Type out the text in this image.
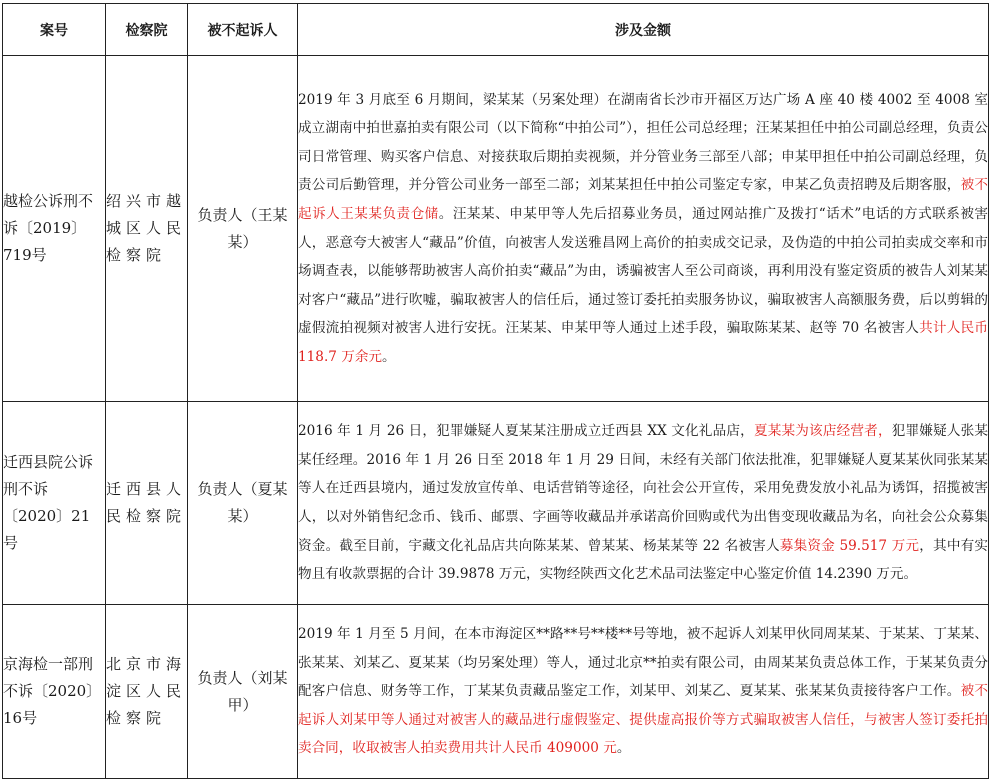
案号	检察院	被不起诉人	涉及金额
越检公诉刑不诉〔2019〕719号	绍兴市越城区人民检察院	负责人（王某某）	2019 年 3 月底至 6 月期间，梁某某（另案处理）在湖南省长沙市开福区万达广场 A 座 40 楼 4002 至 4008 室成立湖南中拍世嘉拍卖有限公司（以下简称“中拍公司”），担任公司总经理；汪某某担任中拍公司副总经理，负责公司日常管理、购买客户信息、对接获取后期拍卖视频，并分管业务三部至八部；申某甲担任中拍公司副总经理，负责公司后勤管理，并分管公司业务一部至二部；刘某某担任中拍公司鉴定专家，申某乙负责招聘及后期客服，被不起诉人王某某负责仓储。汪某某、申某甲等人先后招募业务员，通过网站推广及拨打“话术”电话的方式联系被害人，恶意夸大被害人“藏品”价值，向被害人发送雅昌网上高价的拍卖成交记录，及伪造的中拍公司拍卖成交率和市场调查表，以能够帮助被害人高价拍卖“藏品”为由，诱骗被害人至公司商谈，再利用没有鉴定资质的被告人刘某某对客户“藏品”进行吹嘘，骗取被害人的信任后，通过签订委托拍卖服务协议，骗取被害人高额服务费，后以剪辑的虚假流拍视频对被害人进行安抚。汪某某、申某甲等人通过上述手段，骗取陈某某、赵等 70 名被害人共计人民币 118.7 万余元。
迁西县院公诉刑不诉〔2020〕21号	迁西县人民检察院	负责人（夏某某）	2016 年 1 月 26 日，犯罪嫌疑人夏某某注册成立迁西县 XX 文化礼品店，夏某某为该店经营者，犯罪嫌疑人张某某任经理。2016 年 1 月 26 日至 2018 年 1 月 29 日间，未经有关部门依法批准，犯罪嫌疑人夏某某伙同张某某等人在迁西县境内，通过发放宣传单、电话营销等途径，向社会公开宣传，采用免费发放小礼品为诱饵，招揽被害人，以对外销售纪念币、钱币、邮票、字画等收藏品并承诺高价回购或代为出售变现收藏品为名，向社会公众募集资金。截至目前，宇藏文化礼品店共向陈某某、曾某某、杨某某等 22 名被害人募集资金 59.517 万元，其中有实物且有收款票据的合计 39.9878 万元，实物经陕西文化艺术品司法鉴定中心鉴定价值 14.2390 万元。
京海检一部刑不诉〔2020〕16号	北京市海淀区人民检察院	负责人（刘某甲）	2019 年 1 月至 5 月间，在本市海淀区**路**号**楼**号等地，被不起诉人刘某甲伙同周某某、于某某、丁某某、张某某、刘某乙、夏某某（均另案处理）等人，通过北京**拍卖有限公司，由周某某负责总体工作，于某某负责分配客户信息、财务等工作，丁某某负责藏品鉴定工作，刘某甲、刘某乙、夏某某、张某某负责接待客户工作。被不起诉人刘某甲等人通过对被害人的藏品进行虚假鉴定、提供虚高报价等方式骗取被害人信任，与被害人签订委托拍卖合同，收取被害人拍卖费用共计人民币 409000 元。
